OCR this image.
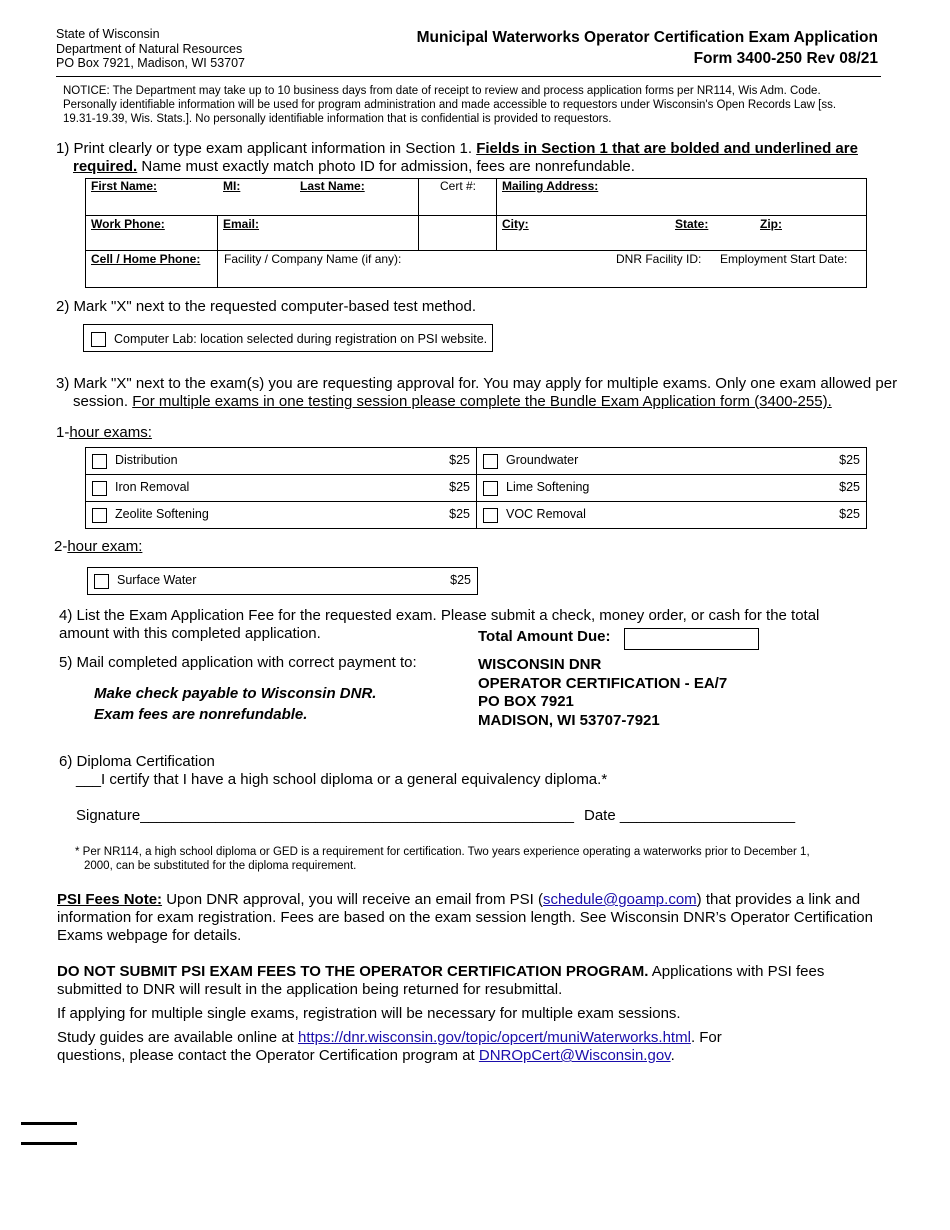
State of Wisconsin
Department of Natural Resources
PO Box 7921, Madison, WI 53707
Municipal Waterworks Operator Certification Exam Application
Form 3400-250 Rev 08/21
NOTICE: The Department may take up to 10 business days from date of receipt to review and process application forms per NR114, Wis Adm. Code. Personally identifiable information will be used for program administration and made accessible to requestors under Wisconsin's Open Records Law [ss. 19.31-19.39, Wis. Stats.]. No personally identifiable information that is confidential is provided to requestors.
1) Print clearly or type exam applicant information in Section 1. Fields in Section 1 that are bolded and underlined are required. Name must exactly match photo ID for admission, fees are nonrefundable.
First Name: MI: Last Name:	Cert #:	Mailing Address:

Work Phone: Email:		City: State: Zip:

Cell / Home Phone: Facility / Company Name (if any): DNR Facility ID: Employment Start Date:		
2) Mark "X" next to the requested computer-based test method.
Computer Lab: location selected during registration on PSI website.
3) Mark "X" next to the exam(s) you are requesting approval for. You may apply for multiple exams. Only one exam allowed per session. For multiple exams in one testing session please complete the Bundle Exam Application form (3400-255).
1-hour exams:
Distribution $25	Groundwater $25

Iron Removal $25	Lime Softening $25

Zeolite Softening $25	VOC Removal $25
2-hour exam:
Surface Water	$25
4) List the Exam Application Fee for the requested exam. Please submit a check, money order, or cash for the total amount with this completed application.	Total Amount Due:
5) Mail completed application with correct payment to:
Make check payable to Wisconsin DNR.
Exam fees are nonrefundable.
WISCONSIN DNR
OPERATOR CERTIFICATION - EA/7
PO BOX 7921
MADISON, WI 53707-7921
6) Diploma Certification
___I certify that I have a high school diploma or a general equivalency diploma.*
Signature____________________________________________________ Date _____________________
* Per NR114, a high school diploma or GED is a requirement for certification. Two years experience operating a waterworks prior to December 1, 2000, can be substituted for the diploma requirement.
PSI Fees Note: Upon DNR approval, you will receive an email from PSI (schedule@goamp.com) that provides a link and information for exam registration. Fees are based on the exam session length. See Wisconsin DNR’s Operator Certification Exams webpage for details.
DO NOT SUBMIT PSI EXAM FEES TO THE OPERATOR CERTIFICATION PROGRAM. Applications with PSI fees submitted to DNR will result in the application being returned for resubmittal.
If applying for multiple single exams, registration will be necessary for multiple exam sessions.
Study guides are available online at https://dnr.wisconsin.gov/topic/opcert/muniWaterworks.html. For questions, please contact the Operator Certification program at DNROpCert@Wisconsin.gov.
